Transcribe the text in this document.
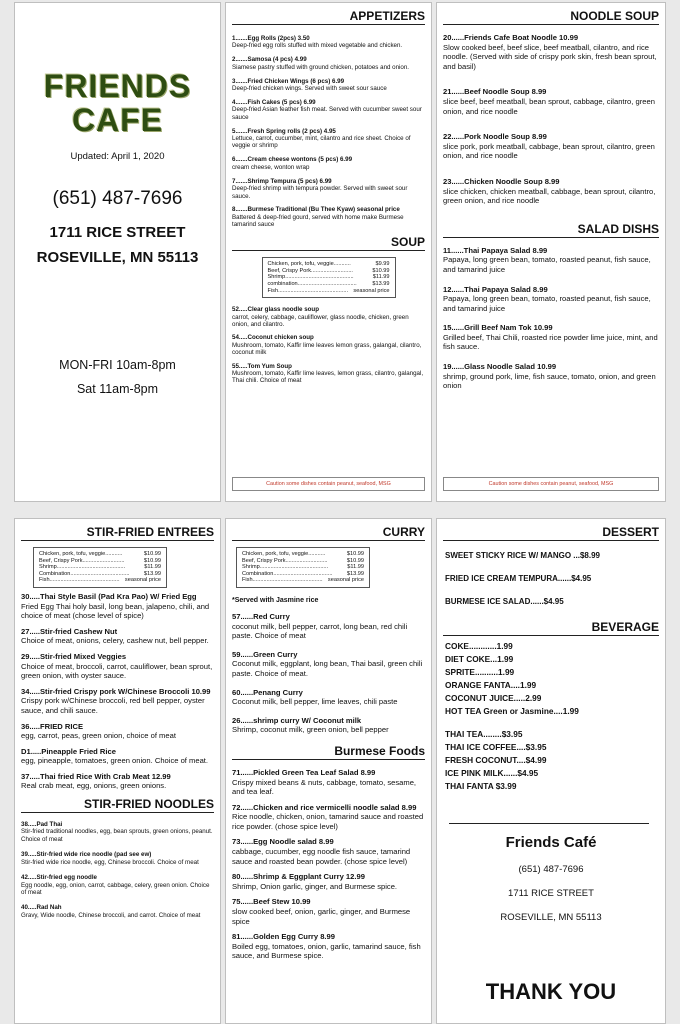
FRIENDS
CAFE
Updated: April 1, 2020
(651) 487-7696
1711 RICE STREET
ROSEVILLE, MN 55113
MON-FRI 10am-8pm
Sat 11am-8pm
APPETIZERS
1.......Egg Rolls (2pcs) 3.50
Deep-fried egg rolls stuffed with mixed vegetable and chicken.
2.......Samosa (4 pcs) 4.99
Siamese pastry stuffed with ground chicken, potatoes and onion.
3.......Fried Chicken Wings (6 pcs) 6.99
Deep-fried chicken wings. Served with sweet sour sauce
4.......Fish Cakes (5 pcs) 6.99
Deep-fried Asian feather fish meat. Served with cucumber sweet sour sauce
5.......Fresh Spring rolls (2 pcs) 4.95
Lettuce, carrot, cucumber, mint, cilantro and rice sheet. Choice of veggie or shrimp
6.......Cream cheese wontons (5 pcs) 6.99
cream cheese, wonton wrap
7.......Shrimp Tempura (5 pcs) 6.99
Deep-fried shrimp with tempura powder. Served with sweet sour sauce.
8.......Burmese Traditional (Bu Thee Kyaw) seasonal price
Battered & deep-fried gourd, served with home make Burmese tamarind sauce
SOUP
Chicken, pork, tofu, veggie...........	$9.99
Beef, Crispy Pork...........................	$10.99
Shrimp............................................	$11.99
combination......................................	$13.99
Fish............................................. seasonal price
52.....Clear glass noodle soup
carrot, celery, cabbage, cauliflower, glass noodle, chicken, green onion, and cilantro.
54.....Coconut chicken soup
Mushroom, tomato, Kaffir lime leaves lemon grass, galangal, cilantro, coconut milk
55.....Tom Yum Soup
Mushroom, tomato, Kaffir lime leaves, lemon grass, cilantro, galangal, Thai chili. Choice of meat
Caution some dishes contain peanut, seafood, MSG
NOODLE SOUP
20......Friends Cafe Boat Noodle 10.99
Slow cooked beef, beef slice, beef meatball, cilantro, and rice noodle. (Served with side of crispy pork skin, fresh bean sprout, and basil)
21......Beef Noodle Soup 8.99
slice beef, beef meatball, bean sprout, cabbage, cilantro, green onion, and rice noodle
22......Pork Noodle Soup 8.99
slice pork, pork meatball, cabbage, bean sprout, cilantro, green onion, and rice noodle
23......Chicken Noodle Soup 8.99
slice chicken, chicken meatball, cabbage, bean sprout, cilantro, green onion, and rice noodle
SALAD DISHS
11......Thai Papaya Salad 8.99
Papaya, long green bean, tomato, roasted peanut, fish sauce, and tamarind juice
12......Thai Papaya Salad 8.99
Papaya, long green bean, tomato, roasted peanut, fish sauce, and tamarind juice
15......Grill Beef Nam Tok 10.99
Grilled beef, Thai Chili, roasted rice powder lime juice, mint, and fish sauce.
19......Glass Noodle Salad 10.99
shrimp, ground pork, lime, fish sauce, tomato, onion, and green onion
Caution some dishes contain peanut, seafood, MSG
STIR-FRIED ENTREES
Chicken, pork, tofu, veggie...........	$10.99
Beef, Crispy Pork...........................	$10.99
Shrimp............................................	$11.99
Combination......................................	$13.99
Fish............................................. seasonal price
30.....Thai Style Basil (Pad Kra Pao) W/ Fried Egg
Fried Egg Thai holy basil, long bean, jalapeno, chili, and choice of meat (chose level of spice)
27.....Stir-fried Cashew Nut
Choice of meat, onions, celery, cashew nut, bell pepper.
29.....Stir-fried Mixed Veggies
Choice of meat, broccoli, carrot, cauliflower, bean sprout, green onion, with oyster sauce.
34.....Stir-fried Crispy pork W/Chinese Broccoli 10.99
Crispy pork w/Chinese broccoli, red bell pepper, oyster sauce, and chili sauce.
36.....FRIED RICE
egg, carrot, peas, green onion, choice of meat
D1.....Pineapple Fried Rice
egg, pineapple, tomatoes, green onion. Choice of meat.
37.....Thai fried Rice With Crab Meat 12.99
Real crab meat, egg, onions, green onions.
STIR-FRIED NOODLES
38.....Pad Thai
Stir-fried traditional noodles, egg, bean sprouts, green onions, peanut. Choice of meat
39.....Stir-fried wide rice noodle (pad see ew)
Stir-fried wide rice noodle, egg, Chinese broccoli. Choice of meat
42.....Stir-fried egg noodle
Egg noodle, egg, onion, carrot, cabbage, celery, green onion. Choice of meat
40.....Rad Nah
Gravy, Wide noodle, Chinese broccoli, and carrot. Choice of meat
CURRY
Chicken, pork, tofu, veggie...........	$10.99
Beef, Crispy Pork...........................	$10.99
Shrimp............................................	$11.99
Combination......................................	$13.99
Fish............................................. seasonal price
*Served with Jasmine rice
57......Red Curry
coconut milk, bell pepper, carrot, long bean, red chili paste. Choice of meat
59......Green Curry
Coconut milk, eggplant, long bean, Thai basil, green chili paste. Choice of meat.
60......Penang Curry
Coconut milk, bell pepper, lime leaves, chili paste
26......shrimp curry W/ Coconut milk
Shrimp, coconut milk, green onion, bell pepper
Burmese Foods
71......Pickled Green Tea Leaf Salad 8.99
Crispy mixed beans & nuts, cabbage, tomato, sesame, and tea leaf.
72......Chicken and rice vermicelli noodle salad 8.99
Rice noodle, chicken, onion, tamarind sauce and roasted rice powder. (chose spice level)
73......Egg Noodle salad 8.99
cabbage, cucumber, egg noodle fish sauce, tamarind sauce and roasted bean powder. (chose spice level)
80......Shrimp & Eggplant Curry 12.99
Shrimp, Onion garlic, ginger, and Burmese spice.
75......Beef Stew 10.99
slow cooked beef, onion, garlic, ginger, and Burmese spice
81......Golden Egg Curry 8.99
Boiled egg, tomatoes, onion, garlic, tamarind sauce, fish sauce, and Burmese spice.
DESSERT
SWEET STICKY RICE W/ MANGO ...$8.99
FRIED ICE CREAM TEMPURA......$4.95
BURMESE ICE SALAD......$4.95
BEVERAGE
COKE............1.99
DIET COKE...1.99
SPRITE..........1.99
ORANGE FANTA....1.99
COCONUT JUICE.....2.99
HOT TEA Green or Jasmine....1.99
THAI TEA........$3.95
THAI ICE COFFEE....$3.95
FRESH COCONUT....$4.99
ICE PINK MILK......$4.95
THAI FANTA $3.99
Friends Café
(651) 487-7696
1711 RICE STREET
ROSEVILLE, MN 55113
THANK YOU
